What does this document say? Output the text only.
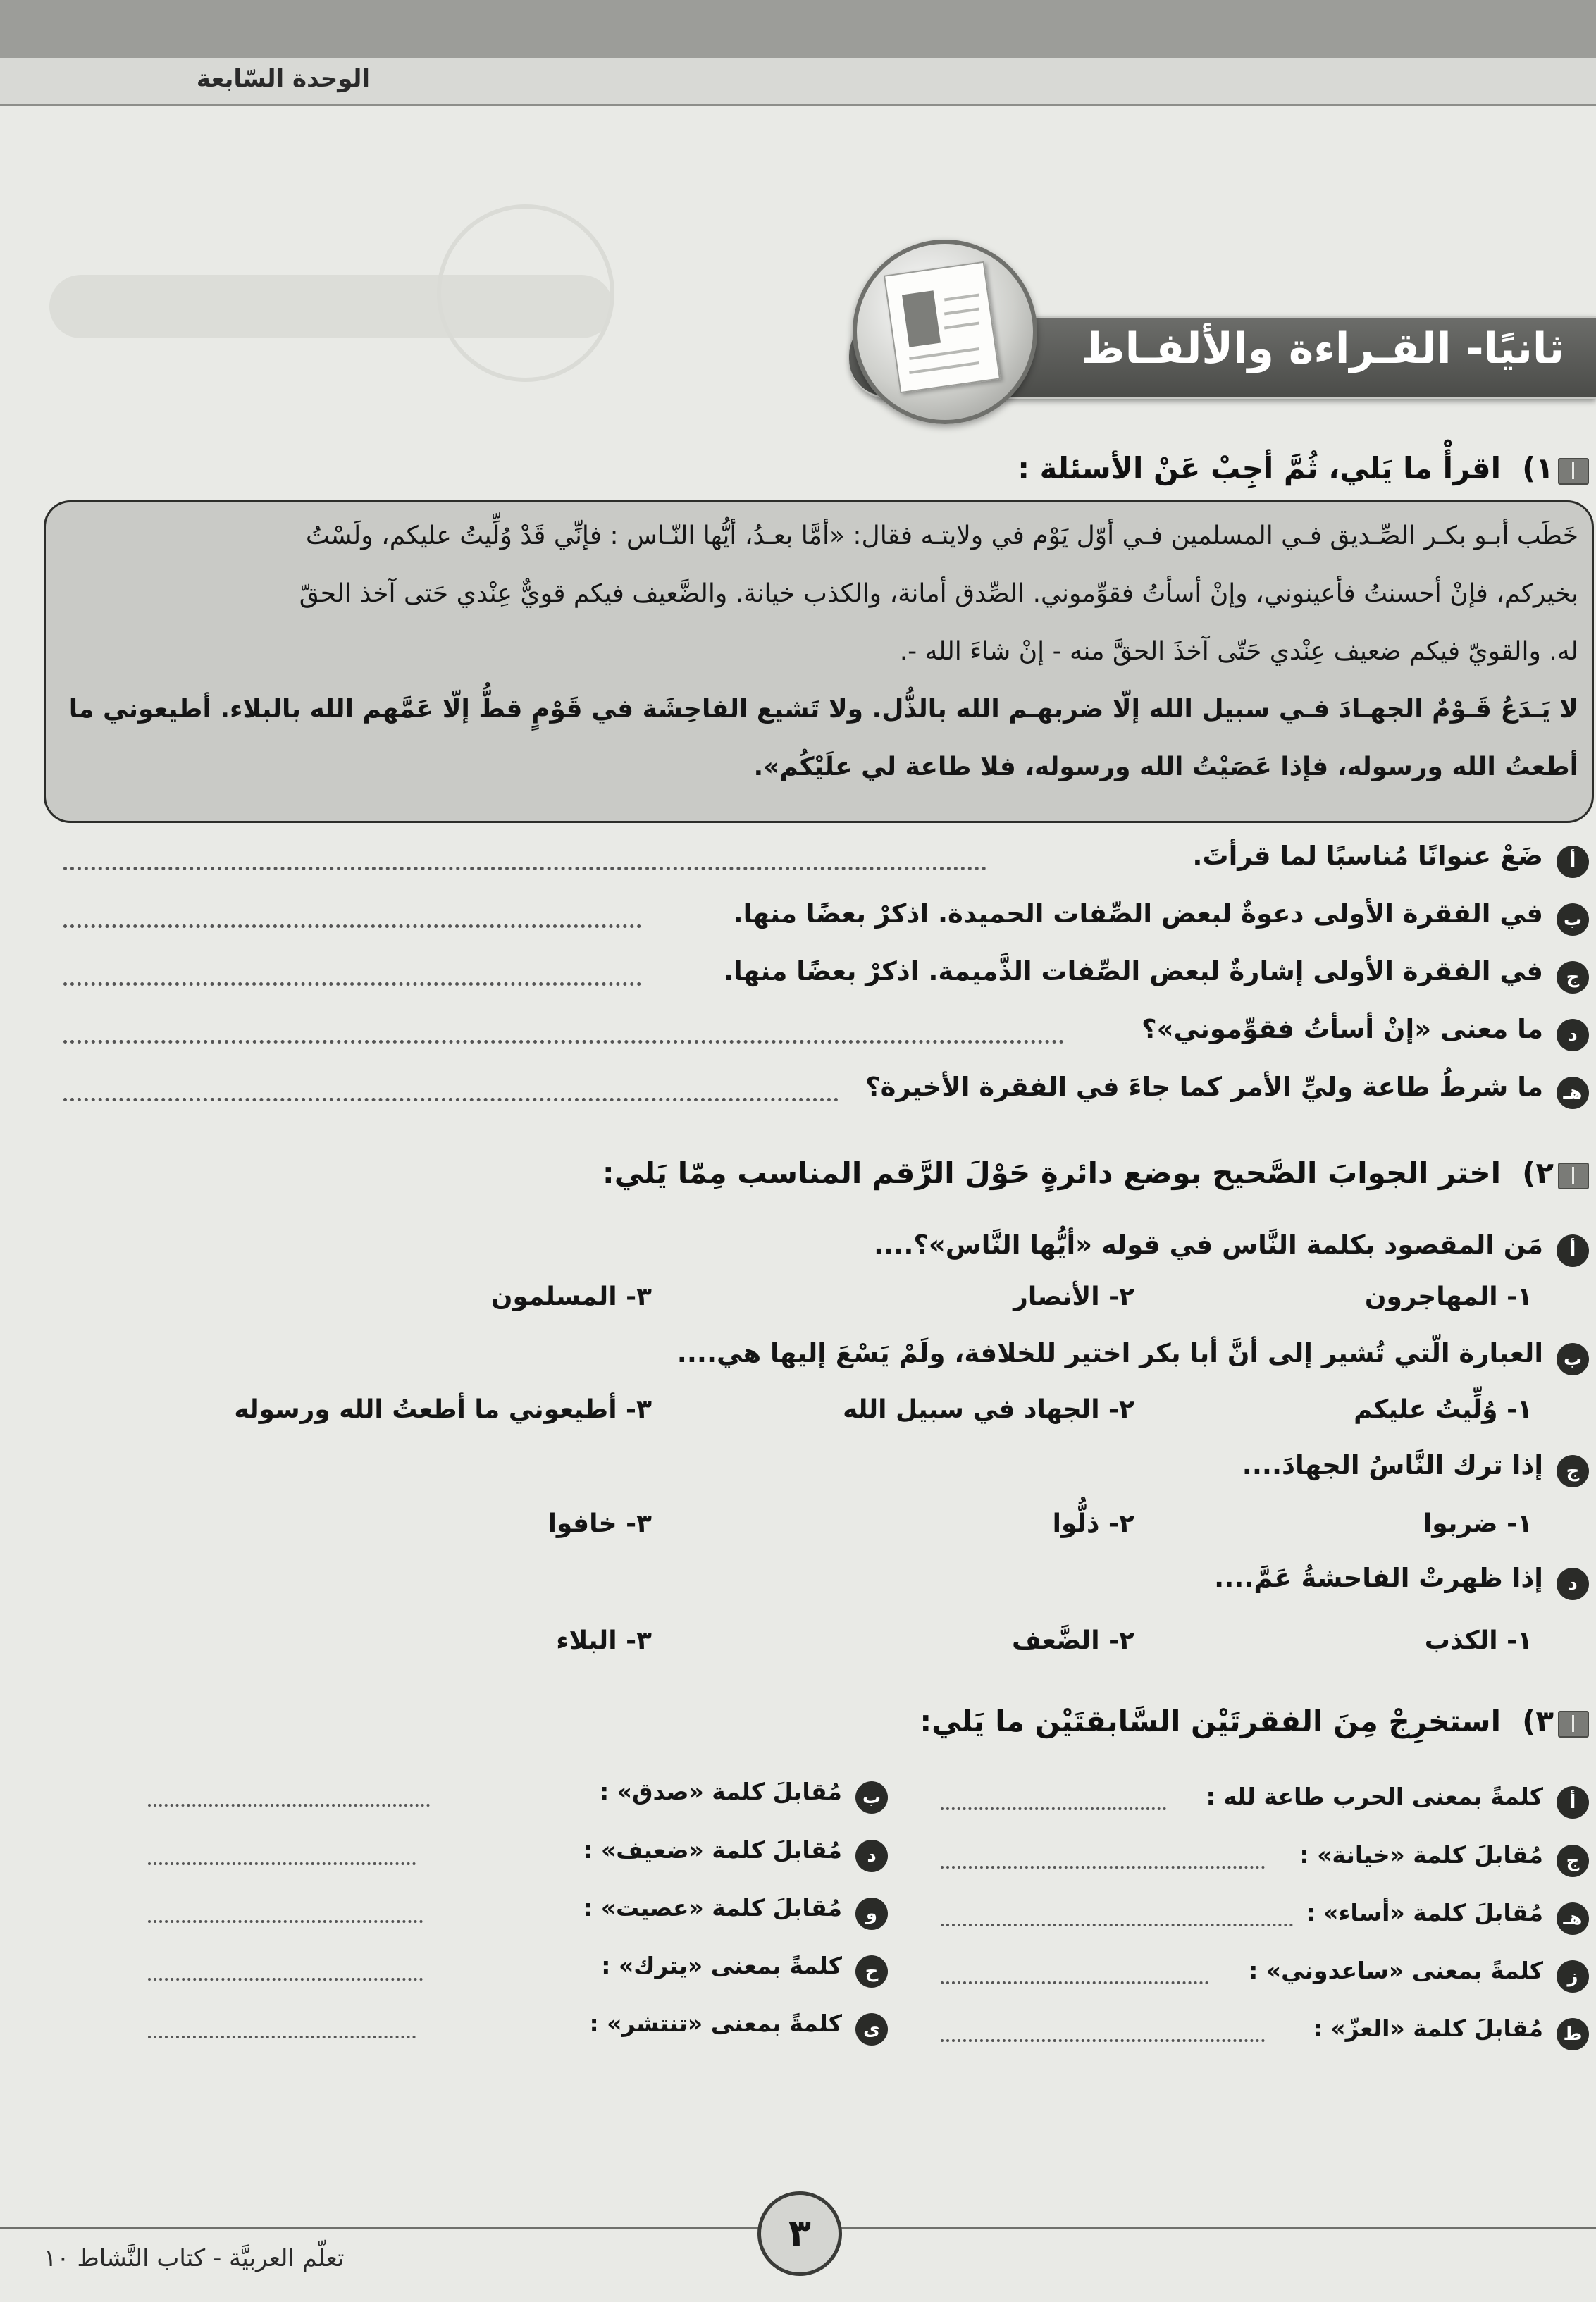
الوحدة السّابعة
ثانيًا- القـراءة والألفـاظ
١)
اقرأْ ما يَلي، ثُمَّ أجِبْ عَنْ الأسئلة :
خَطَب أبـو بكـر الصِّـديق فـي المسلمين فـي أوّل يَوْم في ولايتـه فقال: «أمَّا بعـدُ، أيُّها النّـاس : فإنِّي قَدْ وُلِّيتُ عليكم، ولَسْتُ
بخيركم، فإنْ أحسنتُ فأعينوني، وإنْ أسأتُ فقوِّموني. الصِّدق أمانة، والكذب خيانة. والضَّعيف فيكم قويٌّ عِنْدي حَتى آخذ الحقّ
له. والقويّ فيكم ضعيف عِنْدي حَتّى آخذَ الحقَّ منه - إنْ شاءَ الله -.
لا يَـدَعُ قَـوْمٌ الجهـادَ فـي سبيل الله إلّا ضربهـم الله بالذُّل. ولا تَشيع الفاحِشَة في قَوْمٍ قطُّ إلّا عَمَّهم الله بالبلاء. أطيعوني ما
أطعتُ الله ورسوله، فإذا عَصَيْتُ الله ورسوله، فلا طاعة لي علَيْكُم».
أ
ضَعْ عنوانًا مُناسبًا لما قرأتَ.
ب
في الفقرة الأولى دعوةٌ لبعض الصِّفات الحميدة. اذكرْ بعضًا منها.
ج
في الفقرة الأولى إشارةٌ لبعض الصِّفات الذَّميمة. اذكرْ بعضًا منها.
د
ما معنى «إنْ أسأتُ فقوِّموني»؟
هـ
ما شرطُ طاعة وليِّ الأمر كما جاءَ في الفقرة الأخيرة؟
٢)
اختر الجوابَ الصَّحيح بوضع دائرةٍ حَوْلَ الرَّقم المناسب مِمّا يَلي:
أ
مَن المقصود بكلمة النَّاس في قوله «أيُّها النَّاس»؟....
١- المهاجرون
٢- الأنصار
٣- المسلمون
ب
العبارة الّتي تُشير إلى أنَّ أبا بكر اختير للخلافة، ولَمْ يَسْعَ إليها هي....
١- وُلِّيتُ عليكم
٢- الجهاد في سبيل الله
٣- أطيعوني ما أطعتُ الله ورسوله
ج
إذا ترك النَّاسُ الجهادَ....
١- ضربوا
٢- ذلُّوا
٣- خافوا
د
إذا ظهرتْ الفاحشةُ عَمَّ....
١- الكذب
٢- الضَّعف
٣- البلاء
٣)
استخرِجْ مِنَ الفقرتَيْن السَّابقتَيْن ما يَلي:
أ
كلمةً بمعنى الحرب طاعة لله :
ب
مُقابلَ كلمة «صدق» :
ج
مُقابلَ كلمة «خيانة» :
د
مُقابلَ كلمة «ضعيف» :
هـ
مُقابلَ كلمة «أساء» :
و
مُقابلَ كلمة «عصيت» :
ز
كلمةً بمعنى «ساعدوني» :
ح
كلمةً بمعنى «يترك» :
ط
مُقابلَ كلمة «العزّ» :
ى
كلمةً بمعنى «تنتشر» :
٣
تعلّم العربيَّة - كتاب النَّشاط ١٠
